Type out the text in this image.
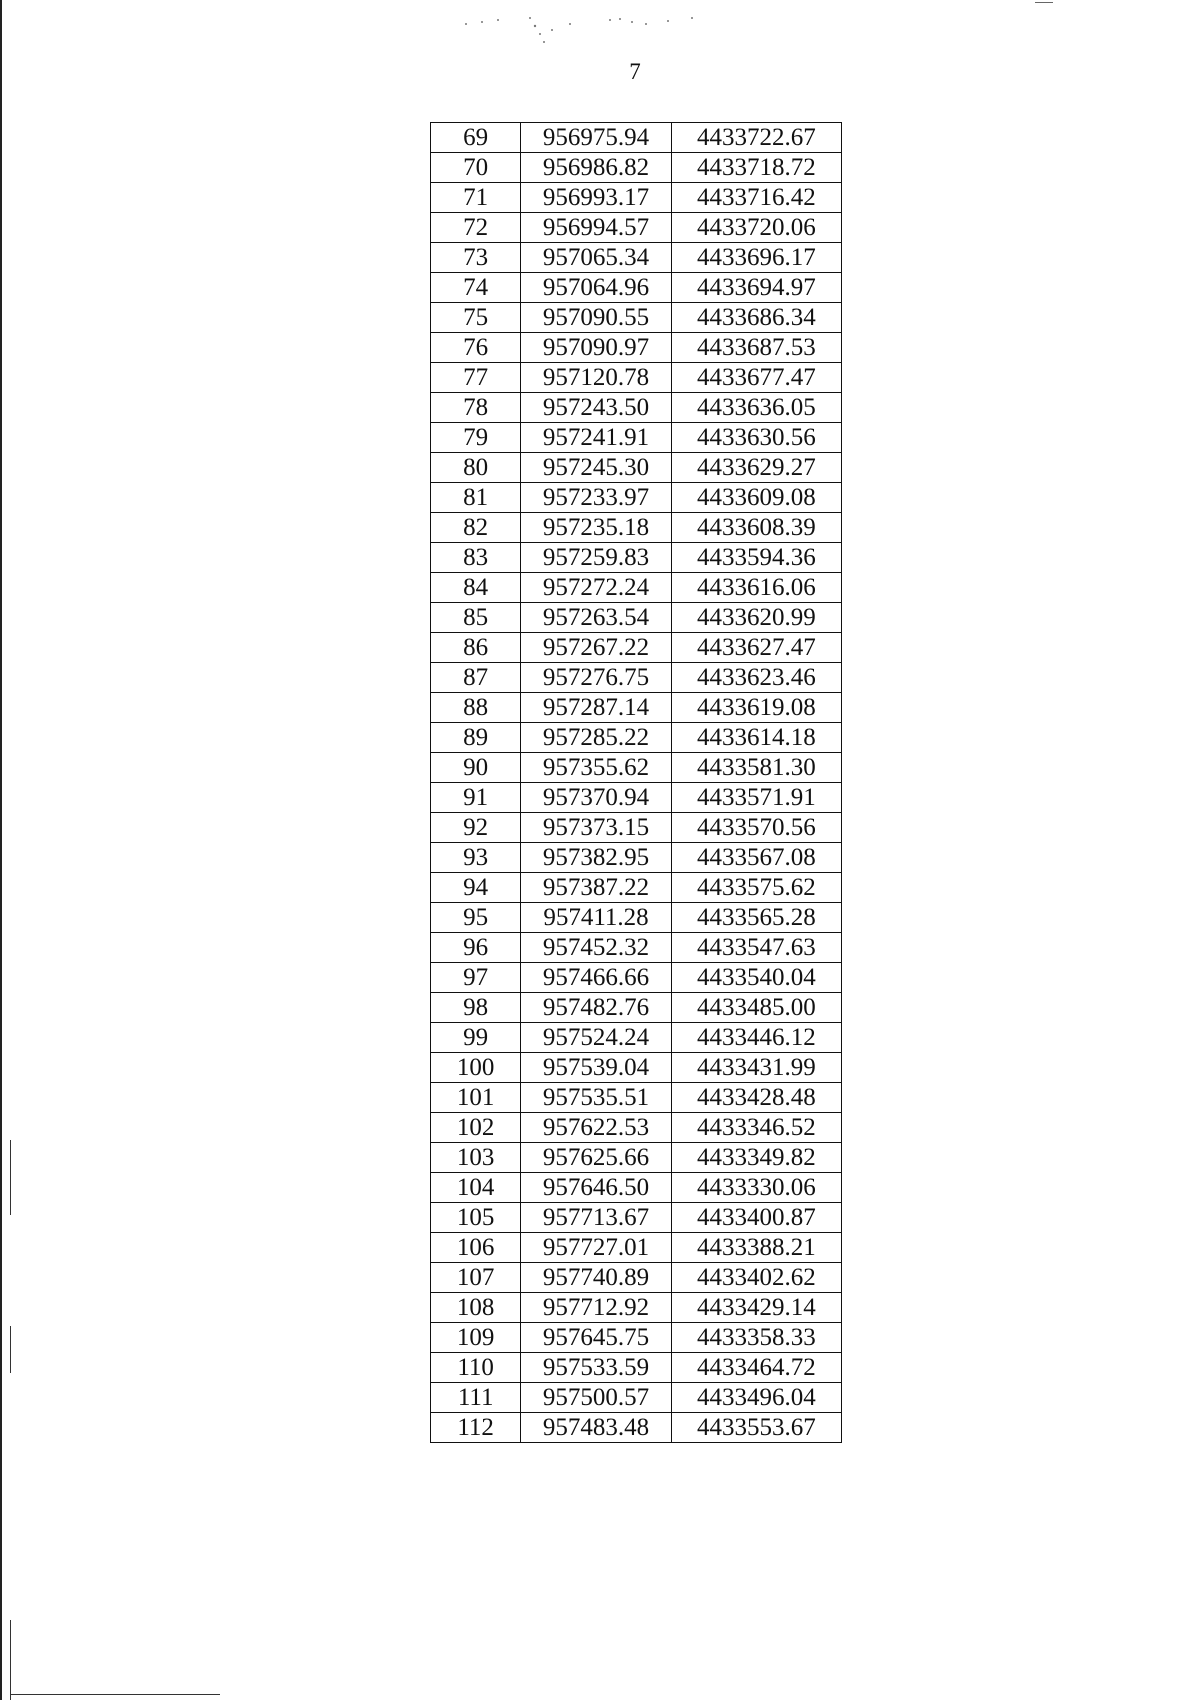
7
69	956975.94	4433722.67
70	956986.82	4433718.72
71	956993.17	4433716.42
72	956994.57	4433720.06
73	957065.34	4433696.17
74	957064.96	4433694.97
75	957090.55	4433686.34
76	957090.97	4433687.53
77	957120.78	4433677.47
78	957243.50	4433636.05
79	957241.91	4433630.56
80	957245.30	4433629.27
81	957233.97	4433609.08
82	957235.18	4433608.39
83	957259.83	4433594.36
84	957272.24	4433616.06
85	957263.54	4433620.99
86	957267.22	4433627.47
87	957276.75	4433623.46
88	957287.14	4433619.08
89	957285.22	4433614.18
90	957355.62	4433581.30
91	957370.94	4433571.91
92	957373.15	4433570.56
93	957382.95	4433567.08
94	957387.22	4433575.62
95	957411.28	4433565.28
96	957452.32	4433547.63
97	957466.66	4433540.04
98	957482.76	4433485.00
99	957524.24	4433446.12
100	957539.04	4433431.99
101	957535.51	4433428.48
102	957622.53	4433346.52
103	957625.66	4433349.82
104	957646.50	4433330.06
105	957713.67	4433400.87
106	957727.01	4433388.21
107	957740.89	4433402.62
108	957712.92	4433429.14
109	957645.75	4433358.33
110	957533.59	4433464.72
111	957500.57	4433496.04
112	957483.48	4433553.67
